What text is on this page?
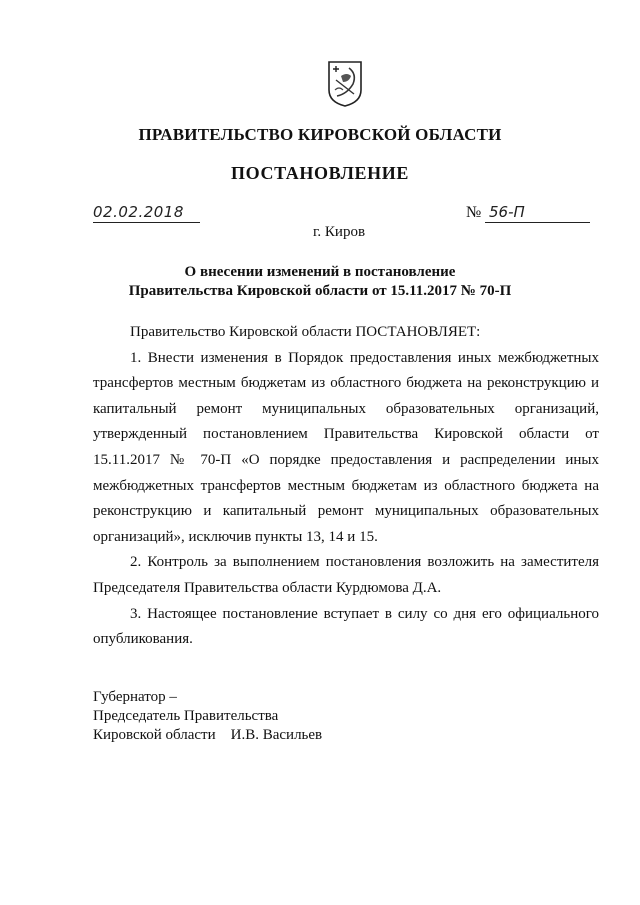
ПРАВИТЕЛЬСТВО КИРОВСКОЙ ОБЛАСТИ
ПОСТАНОВЛЕНИЕ
02.02.2018	№ 56-П
г. Киров
О внесении изменений в постановление
Правительства Кировской области от 15.11.2017 № 70-П

Правительство Кировской области ПОСТАНОВЛЯЕТ:

1. Внести изменения в Порядок предоставления иных межбюджетных трансфертов местным бюджетам из областного бюджета на реконструкцию и капитальный ремонт муниципальных образовательных организаций, утвержденный постановлением Правительства Кировской области от 15.11.2017 № 70-П «О порядке предоставления и распределении иных межбюджетных трансфертов местным бюджетам из областного бюджета на реконструкцию и капитальный ремонт муниципальных образовательных организаций», исключив пункты 13, 14 и 15.

2. Контроль за выполнением постановления возложить на заместителя Председателя Правительства области Курдюмова Д.А.

3. Настоящее постановление вступает в силу со дня его официального опубликования.

Губернатор –
Председатель Правительства
Кировской области И.В. Васильев
